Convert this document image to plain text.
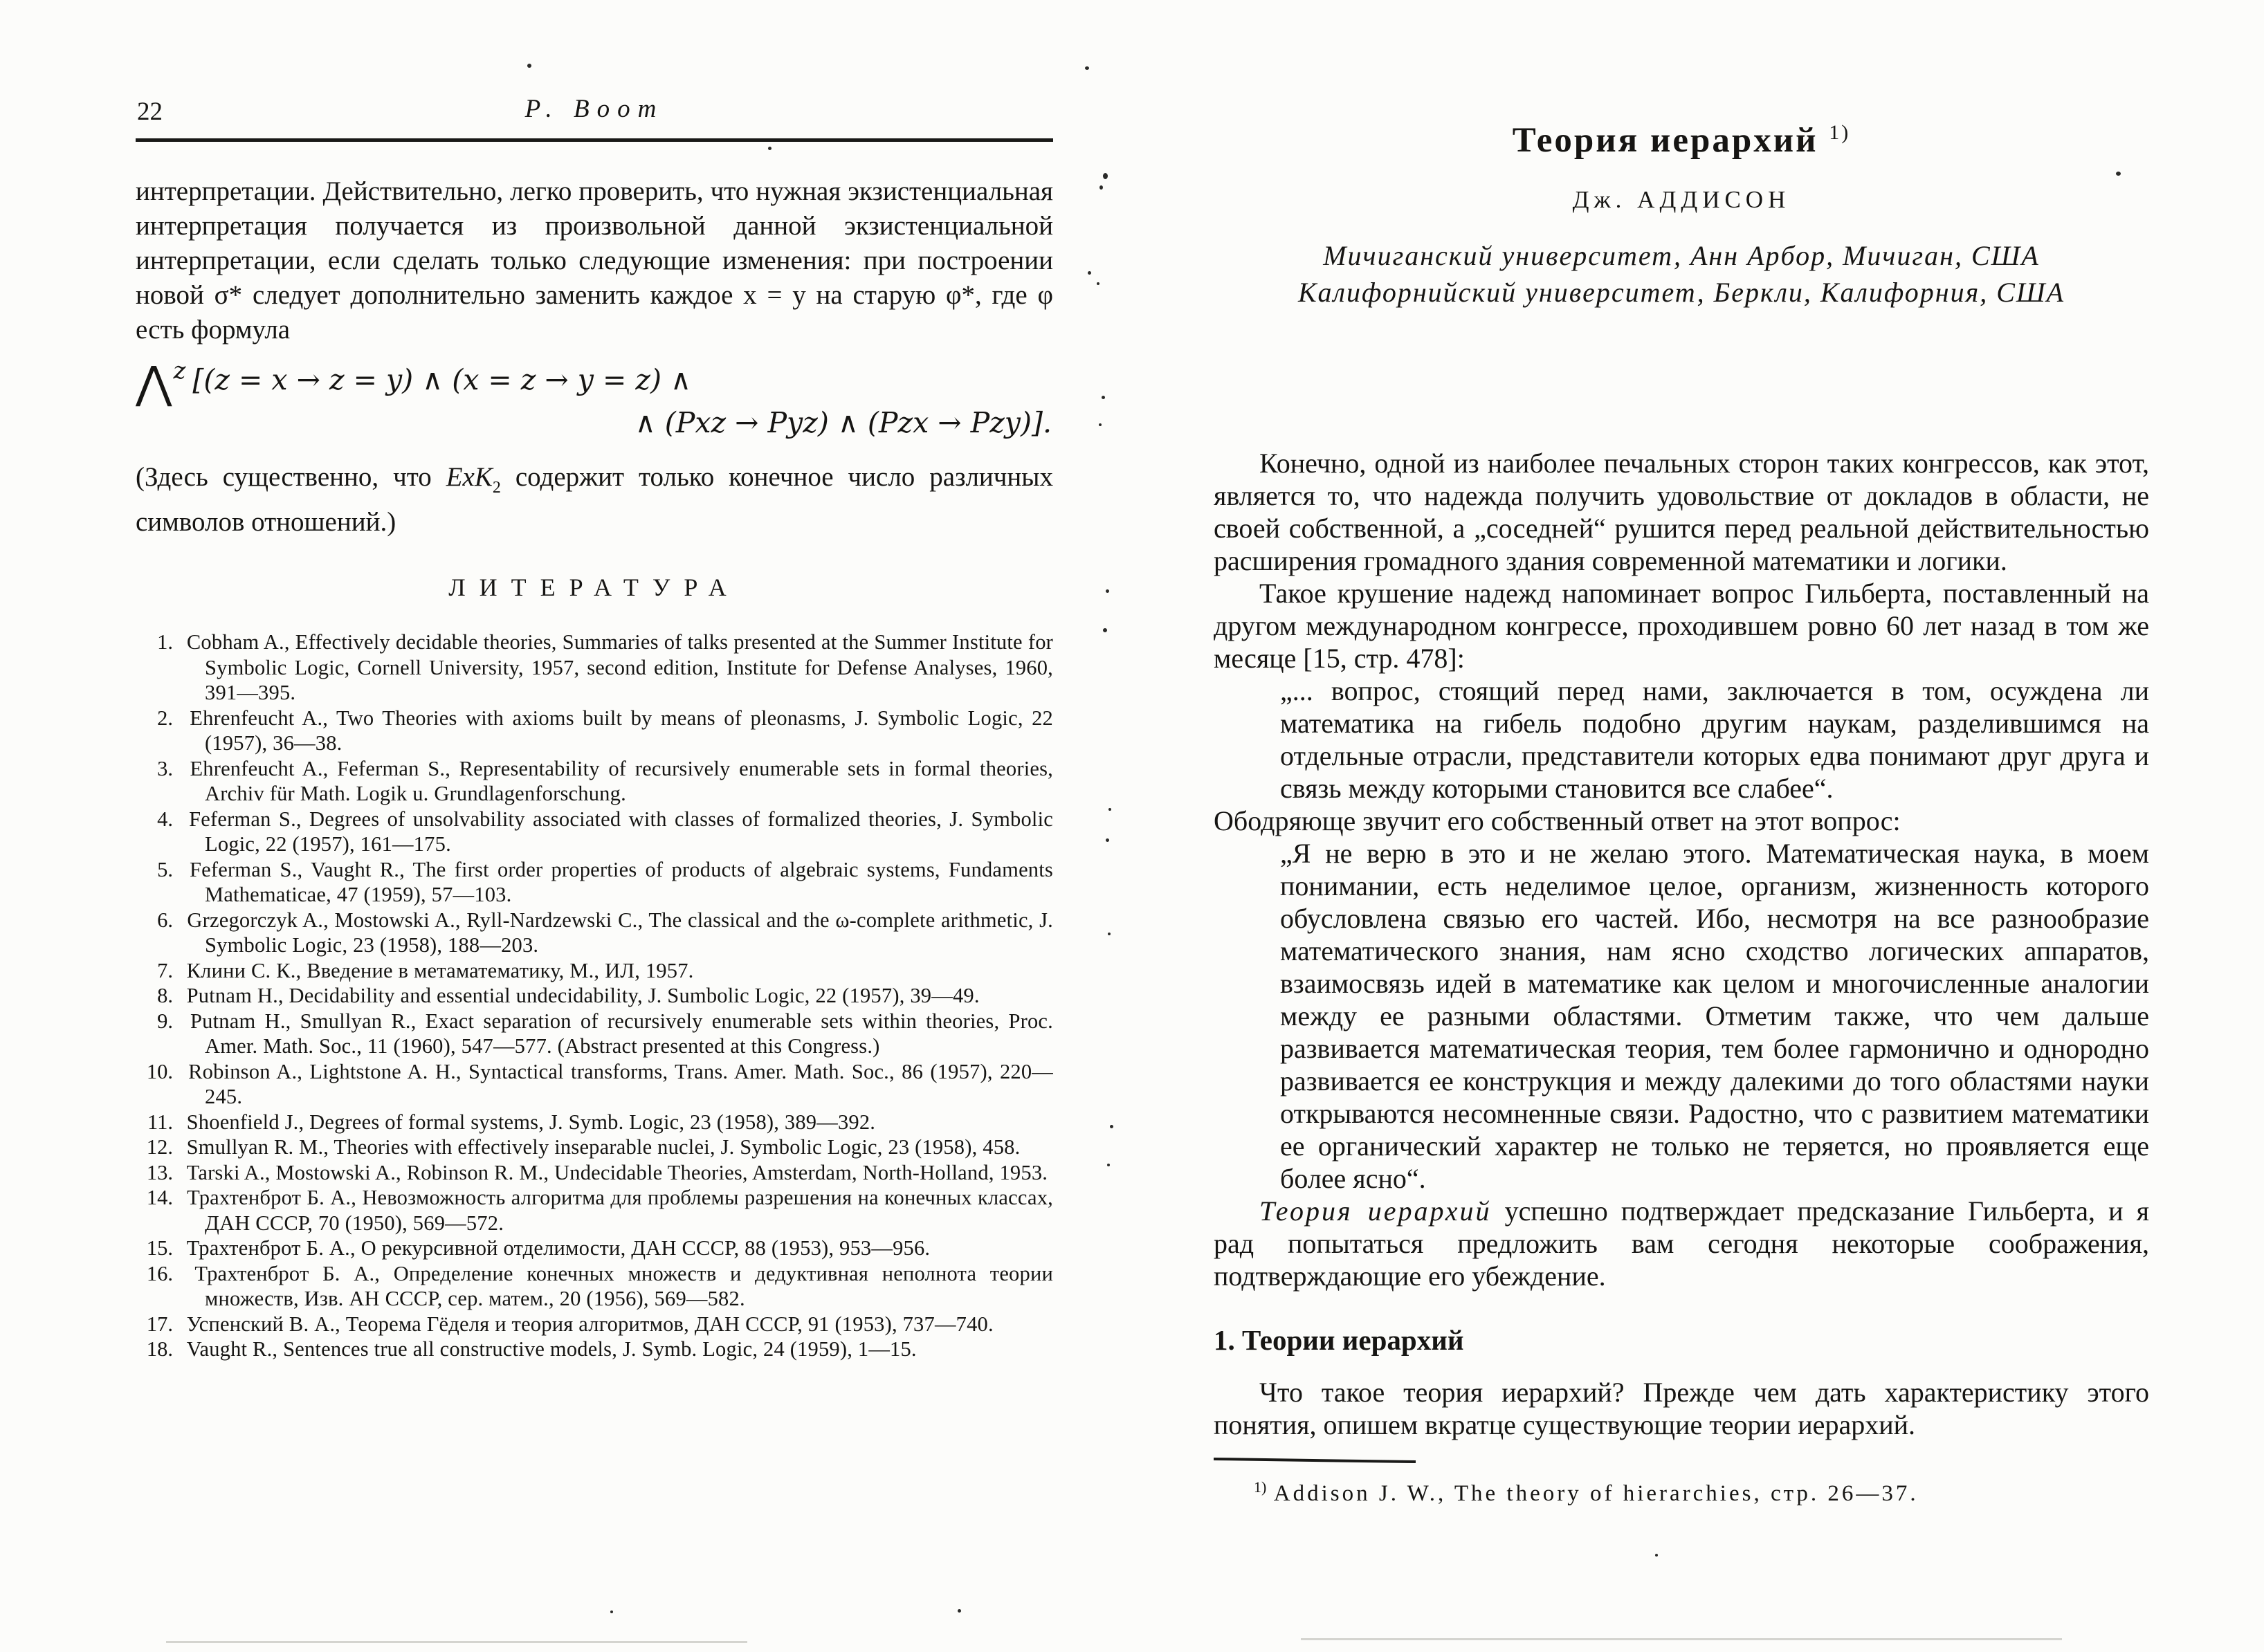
22	Р. Воот

интерпретации. Действительно, легко проверить, что нужная экзистенциальная интерпретация получается из произвольной данной экзистенциальной интерпретации, если сделать только следующие изменения: при построении новой σ* следует дополнительно заменить каждое x = y на старую φ*, где φ есть формула

⋀$^z$ [(z = x → z = y) ∧ (x = z → y = z) ∧
∧ (Pxz → Pyz) ∧ (Pzx → Pzy)].

(Здесь существенно, что ExK$_2$ содержит только конечное число различных символов отношений.)

ЛИТЕРАТУРА
1. Cobham A., Effectively decidable theories, Summaries of talks presented at the Summer Institute for Symbolic Logic, Cornell University, 1957, second edition, Institute for Defense Analyses, 1960, 391—395.
2. Ehrenfeucht A., Two Theories with axioms built by means of pleonasms, J. Symbolic Logic, 22 (1957), 36—38.
3. Ehrenfeucht A., Feferman S., Representability of recursively enumerable sets in formal theories, Archiv für Math. Logik u. Grundlagenforschung.
4. Feferman S., Degrees of unsolvability associated with classes of formalized theories, J. Symbolic Logic, 22 (1957), 161—175.
5. Feferman S., Vaught R., The first order properties of products of algebraic systems, Fundaments Mathematicae, 47 (1959), 57—103.
6. Grzegorczyk A., Mostowski A., Ryll-Nardzewski C., The classical and the ω-complete arithmetic, J. Symbolic Logic, 23 (1958), 188—203.
7. Клини С. К., Введение в метаматематику, М., ИЛ, 1957.
8. Putnam H., Decidability and essential undecidability, J. Sumbolic Logic, 22 (1957), 39—49.
9. Putnam H., Smullyan R., Exact separation of recursively enumerable sets within theories, Proc. Amer. Math. Soc., 11 (1960), 547—577. (Abstract presented at this Congress.)
10. Robinson A., Lightstone A. H., Syntactical transforms, Trans. Amer. Math. Soc., 86 (1957), 220—245.
11. Shoenfield J., Degrees of formal systems, J. Symb. Logic, 23 (1958), 389—392.
12. Smullyan R. M., Theories with effectively inseparable nuclei, J. Symbolic Logic, 23 (1958), 458.
13. Tarski A., Mostowski A., Robinson R. M., Undecidable Theories, Amsterdam, North-Holland, 1953.
14. Трахтенброт Б. А., Невозможность алгоритма для проблемы разрешения на конечных классах, ДАН СССР, 70 (1950), 569—572.
15. Трахтенброт Б. А., О рекурсивной отделимости, ДАН СССР, 88 (1953), 953—956.
16. Трахтенброт Б. А., Определение конечных множеств и дедуктивная неполнота теории множеств, Изв. АН СССР, сер. матем., 20 (1956), 569—582.
17. Успенский В. А., Теорема Гёделя и теория алгоритмов, ДАН СССР, 91 (1953), 737—740.
18. Vaught R., Sentences true all constructive models, J. Symb. Logic, 24 (1959), 1—15.
Теория иерархий $^{1)}$
Дж. АДДИСОН
Мичиганский университет, Анн Арбор, Мичиган, США
Калифорнийский университет, Беркли, Калифорния, США

Конечно, одной из наиболее печальных сторон таких конгрессов, как этот, является то, что надежда получить удовольствие от докладов в области, не своей собственной, а „соседней“ рушится перед реальной действительностью расширения громадного здания современной математики и логики.

Такое крушение надежд напоминает вопрос Гильберта, поставленный на другом международном конгрессе, проходившем ровно 60 лет назад в том же месяце [15, стр. 478]:

„... вопрос, стоящий перед нами, заключается в том, осуждена ли математика на гибель подобно другим наукам, разделившимся на отдельные отрасли, представители которых едва понимают друг друга и связь между которыми становится все слабее“.

Ободряюще звучит его собственный ответ на этот вопрос:

„Я не верю в это и не желаю этого. Математическая наука, в моем понимании, есть неделимое целое, организм, жизненность которого обусловлена связью его частей. Ибо, несмотря на все разнообразие математического знания, нам ясно сходство логических аппаратов, взаимосвязь идей в математике как целом и многочисленные аналогии между ее разными областями. Отметим также, что чем дальше развивается математическая теория, тем более гармонично и однородно развивается ее конструкция и между далекими до того областями науки открываются несомненные связи. Радостно, что с развитием математики ее органический характер не только не теряется, но проявляется еще более ясно“.

Теория иерархий успешно подтверждает предсказание Гильберта, и я рад попытаться предложить вам сегодня некоторые соображения, подтверждающие его убеждение.

1. Теории иерархий

Что такое теория иерархий? Прежде чем дать характеристику этого понятия, опишем вкратце существующие теории иерархий.

$^{1)}$ Addison J. W., The theory of hierarchies, стр. 26—37.
